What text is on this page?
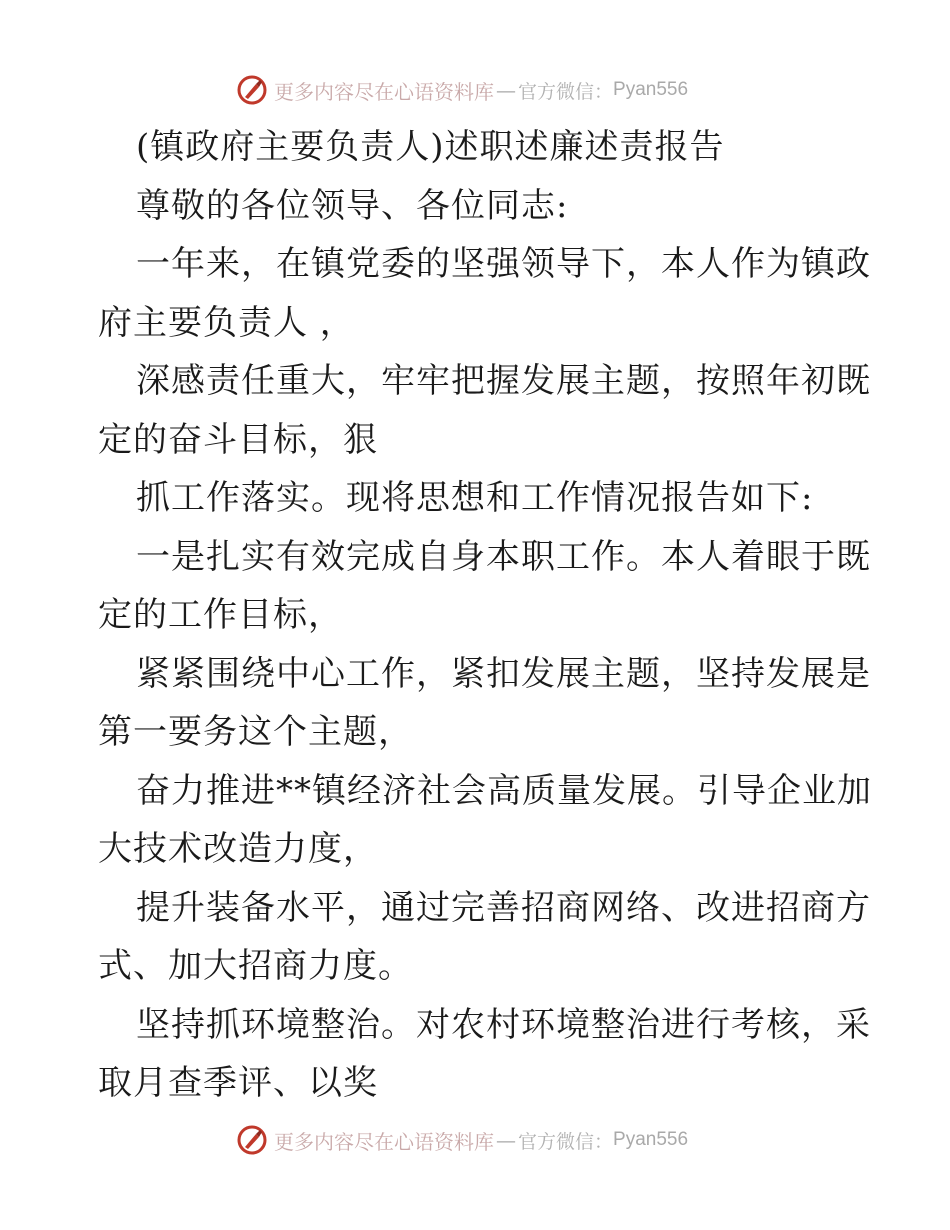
更多内容尽在心语资料库 — 官方微信： Pyan556
(镇政府主要负责人)述职述廉述责报告
尊敬的各位领导、各位同志:
一年来，在镇党委的坚强领导下，本人作为镇政
府主要负责人 ，
深感责任重大，牢牢把握发展主题，按照年初既
定的奋斗目标，狠
抓工作落实。现将思想和工作情况报告如下:
一是扎实有效完成自身本职工作。本人着眼于既
定的工作目标，
紧紧围绕中心工作，紧扣发展主题，坚持发展是
第一要务这个主题，
奋力推进**镇经济社会高质量发展。引导企业加
大技术改造力度，
提升装备水平，通过完善招商网络、改进招商方
式、加大招商力度。
坚持抓环境整治。对农村环境整治进行考核，采
取月查季评、以奖
更多内容尽在心语资料库 — 官方微信： Pyan556
